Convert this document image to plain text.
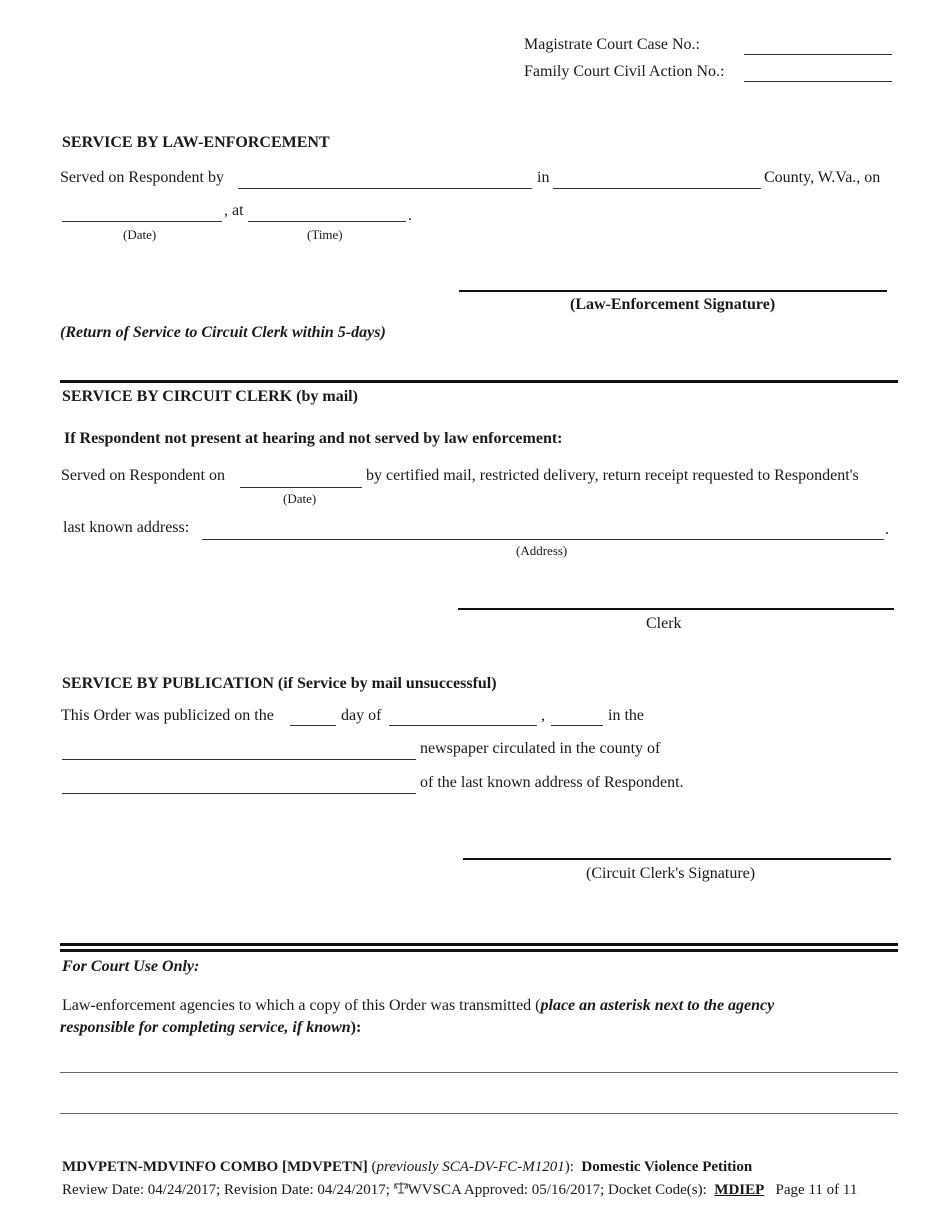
Magistrate Court Case No.:
Family Court Civil Action No.:
SERVICE BY LAW-ENFORCEMENT
Served on Respondent by	in	County, W.Va., on
, at	.
(Date)	(Time)
(Law-Enforcement Signature)
(Return of Service to Circuit Clerk within 5-days)
SERVICE BY CIRCUIT CLERK (by mail)
If Respondent not present at hearing and not served by law enforcement:
Served on Respondent on	by certified mail, restricted delivery, return receipt requested to Respondent's
(Date)
last known address:	.
(Address)
Clerk
SERVICE BY PUBLICATION (if Service by mail unsuccessful)
This Order was publicized on the	day of	,	in the
newspaper circulated in the county of
of the last known address of Respondent.
(Circuit Clerk's Signature)
For Court Use Only:
Law-enforcement agencies to which a copy of this Order was transmitted (place an asterisk next to the agency
responsible for completing service, if known):
MDVPETN-MDVINFO COMBO [MDVPETN] (previously SCA-DV-FC-M1201): Domestic Violence Petition
Review Date: 04/24/2017; Revision Date: 04/24/2017; WVSCA Approved: 05/16/2017; Docket Code(s): MDIEP Page 11 of 11
